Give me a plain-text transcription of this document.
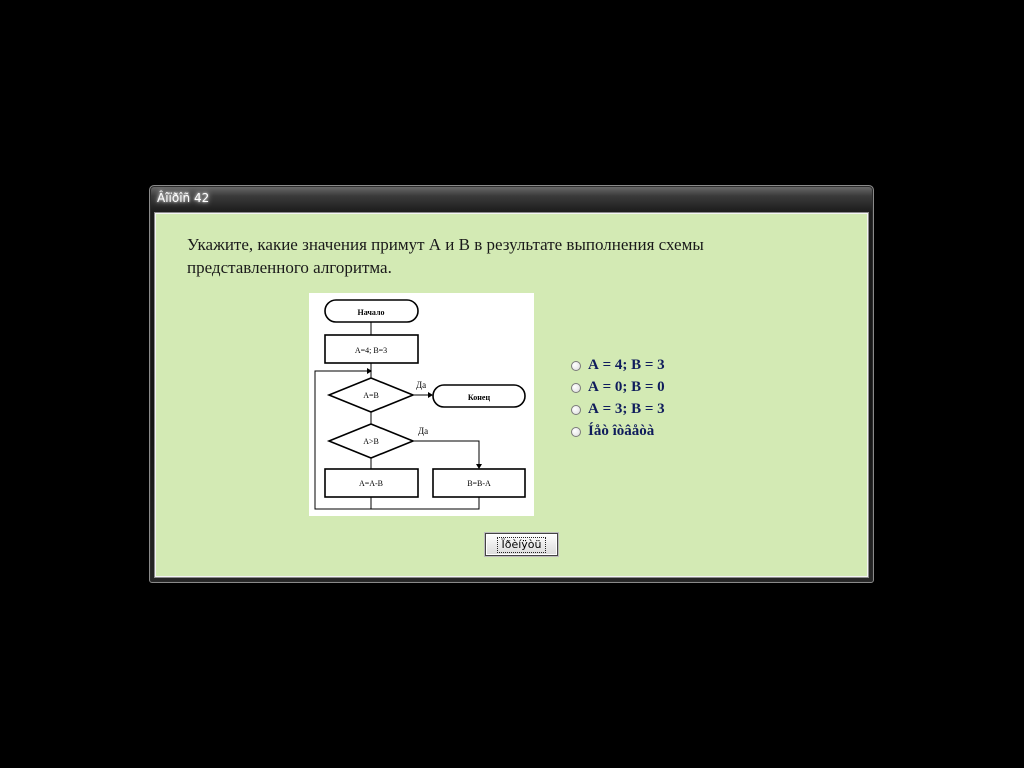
Âîïðîñ 42

Укажите, какие значения примут А и В в результате выполнения схемы представленного алгоритма.

Начало
A=4; B=3
A=B
Да
Конец
A>B
Да
A=A-B	B=B-A
А = 4; В = 3
А = 0; В = 0
А = 3; В = 3
Íåò îòâåòà
Ïðèíÿòü
